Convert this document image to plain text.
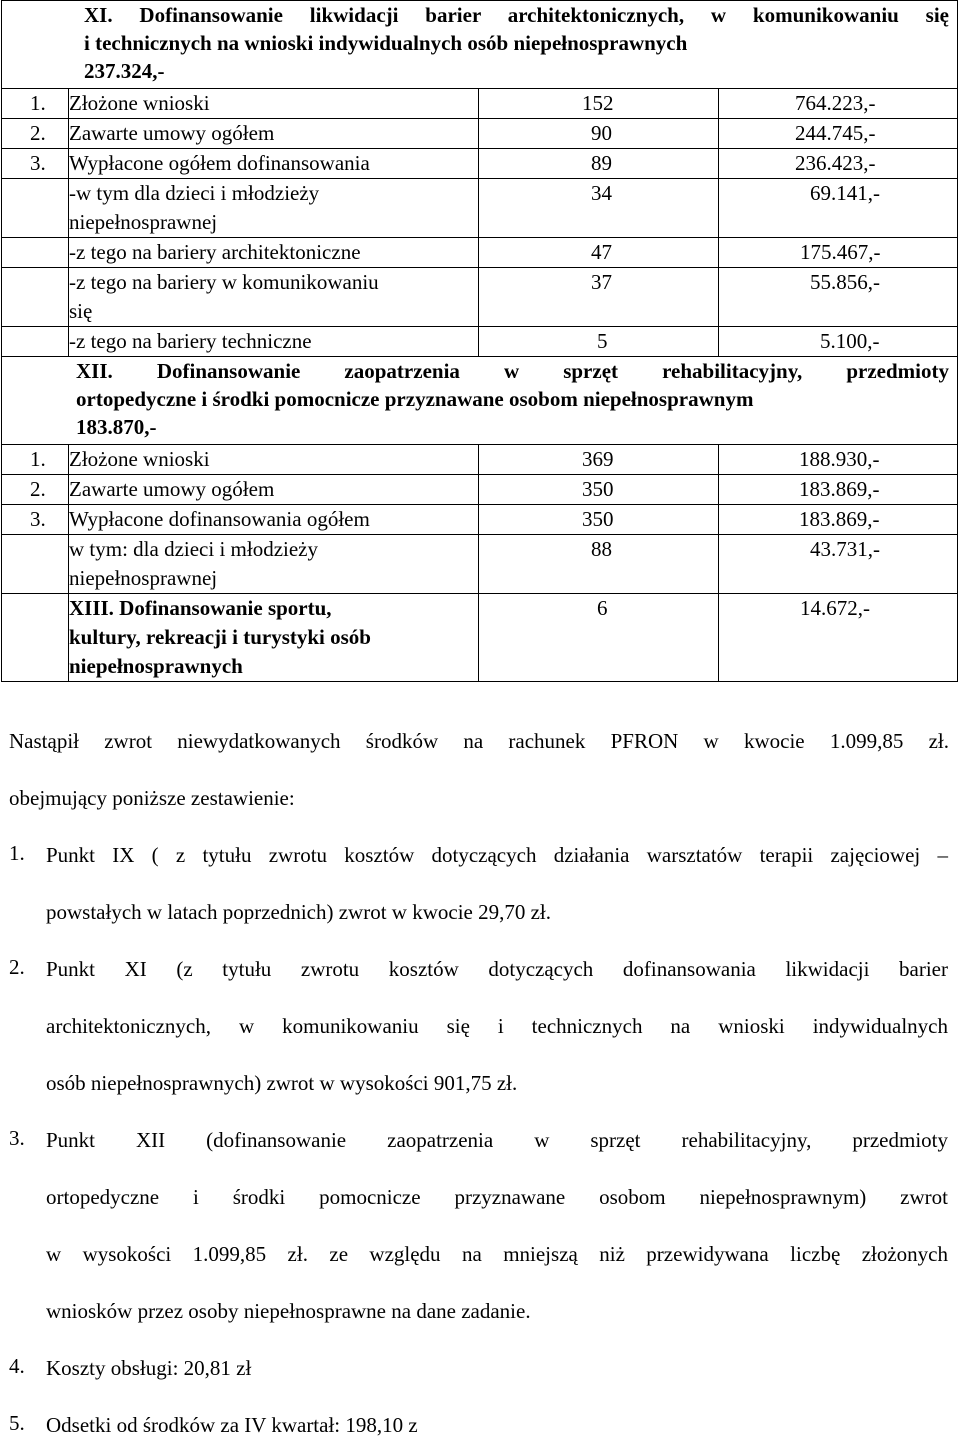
XI. Dofinansowanie likwidacji barier architektonicznych, w komunikowaniu się
i technicznych na wnioski indywidualnych osób niepełnosprawnych
237.324,-			

1.	Złożone wnioski	152	764.223,-
2.	Zawarte umowy ogółem	90	244.745,-
3.	Wypłacone ogółem dofinansowania	89	236.423,-

	-w tym dla dzieci i młodzieży
niepełnosprawnej	34	69.141,-
	-z tego na bariery architektoniczne	47	175.467,-

	-z tego na bariery w komunikowaniu
się	37	55.856,-
	-z tego na bariery techniczne	5	5.100,-

XII. Dofinansowanie zaopatrzenia w sprzęt rehabilitacyjny, przedmioty
ortopedyczne i środki pomocnicze przyznawane osobom niepełnosprawnym
183.870,-			

1.	Złożone wnioski	369	188.930,-
2.	Zawarte umowy ogółem	350	183.869,-
3.	Wypłacone dofinansowania ogółem	350	183.869,-

	w tym: dla dzieci i młodzieży
niepełnosprawnej	88	43.731,-

	XIII. Dofinansowanie sportu,
kultury, rekreacji i turystyki osób
niepełnosprawnych	6	14.672,-
Nastąpił zwrot niewydatkowanych środków na rachunek PFRON w kwocie 1.099,85 zł.
obejmujący poniższe zestawienie:
1. Punkt IX ( z tytułu zwrotu kosztów dotyczących działania warsztatów terapii zajęciowej –
powstałych w latach poprzednich) zwrot w kwocie 29,70 zł.
2. Punkt XI (z tytułu zwrotu kosztów dotyczących dofinansowania likwidacji barier
architektonicznych, w komunikowaniu się i technicznych na wnioski indywidualnych
osób niepełnosprawnych) zwrot w wysokości 901,75 zł.
3. Punkt XII (dofinansowanie zaopatrzenia w sprzęt rehabilitacyjny, przedmioty
ortopedyczne i środki pomocnicze przyznawane osobom niepełnosprawnym) zwrot
w wysokości 1.099,85 zł. ze względu na mniejszą niż przewidywana liczbę złożonych
wniosków przez osoby niepełnosprawne na dane zadanie.
4. Koszty obsługi: 20,81 zł
5. Odsetki od środków za IV kwartał: 198,10 z
